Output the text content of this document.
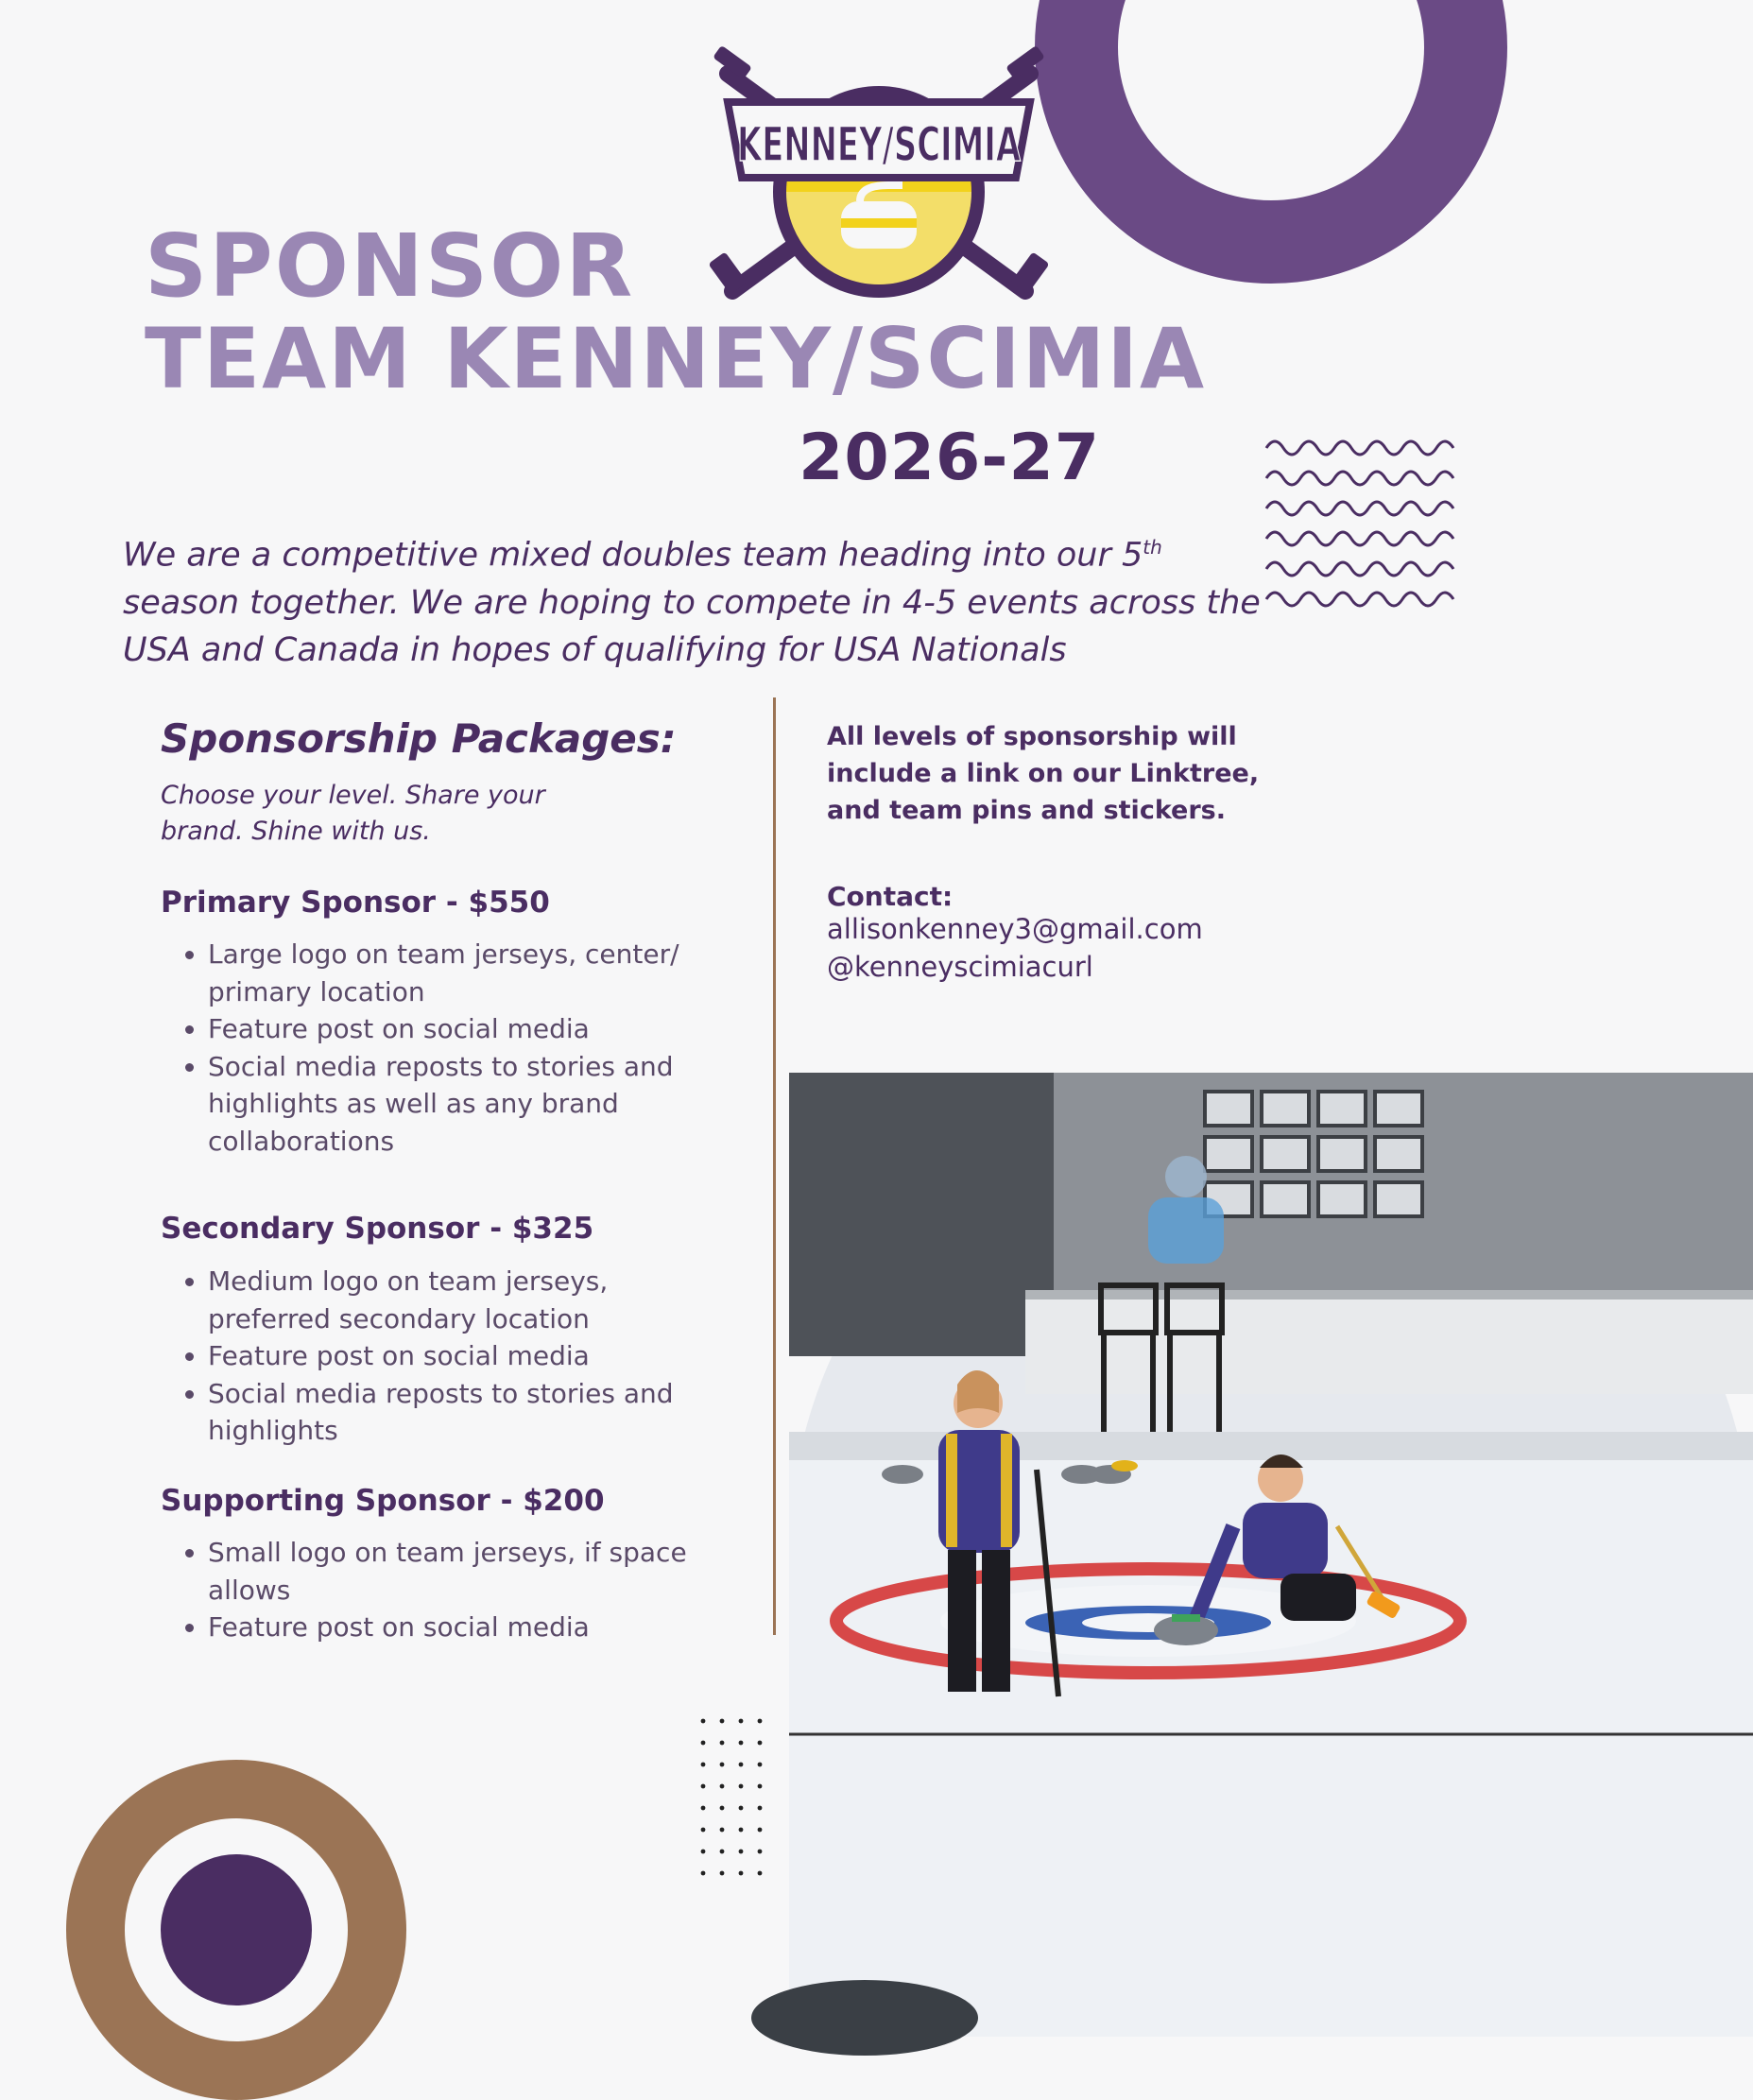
KENNEY/SCIMIA
SPONSOR
TEAM KENNEY/SCIMIA
2026-27
We are a competitive mixed doubles team heading into our 5th season together. We are hoping to compete in 4-5 events across the USA and Canada in hopes of qualifying for USA Nationals
Sponsorship Packages:
Choose your level. Share your brand. Shine with us.
Primary Sponsor - $550
• Large logo on team jerseys, center/ primary location
• Feature post on social media
• Social media reposts to stories and highlights as well as any brand collaborations
Secondary Sponsor - $325
• Medium logo on team jerseys, preferred secondary location
• Feature post on social media
• Social media reposts to stories and highlights
Supporting Sponsor - $200
• Small logo on team jerseys, if space allows
• Feature post on social media
All levels of sponsorship will include a link on our Linktree, and team pins and stickers.
Contact:
allisonkenney3@gmail.com
@kenneyscimiacurl
